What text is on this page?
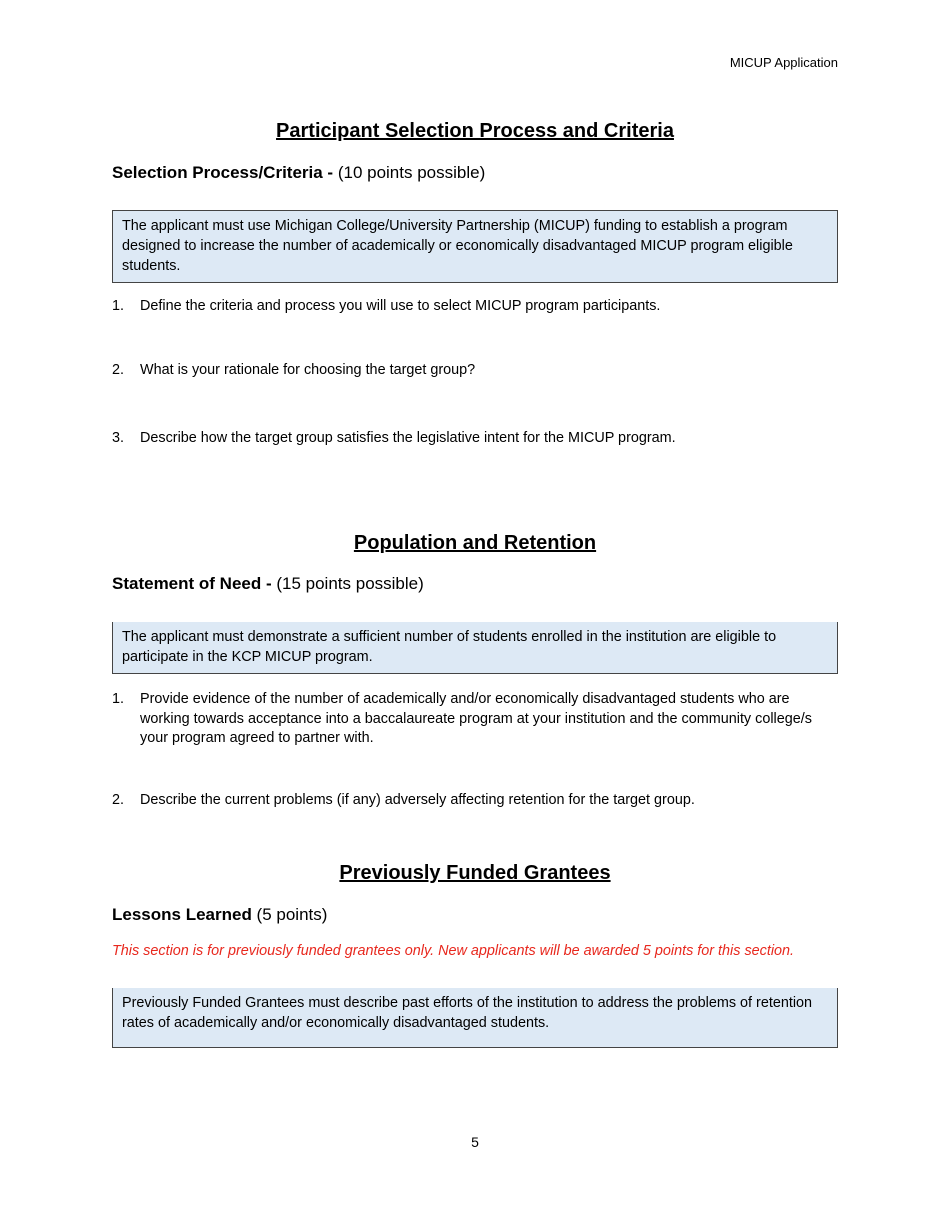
MICUP Application
Participant Selection Process and Criteria
Selection Process/Criteria - (10 points possible)
The applicant must use Michigan College/University Partnership (MICUP) funding to establish a program designed to increase the number of academically or economically disadvantaged MICUP program eligible students.
1. Define the criteria and process you will use to select MICUP program participants.
2. What is your rationale for choosing the target group?
3. Describe how the target group satisfies the legislative intent for the MICUP program.
Population and Retention
Statement of Need - (15 points possible)
The applicant must demonstrate a sufficient number of students enrolled in the institution are eligible to participate in the KCP MICUP program.
1. Provide evidence of the number of academically and/or economically disadvantaged students who are working towards acceptance into a baccalaureate program at your institution and the community college/s your program agreed to partner with.
2. Describe the current problems (if any) adversely affecting retention for the target group.
Previously Funded Grantees
Lessons Learned (5 points)
This section is for previously funded grantees only. New applicants will be awarded 5 points for this section.
Previously Funded Grantees must describe past efforts of the institution to address the problems of retention rates of academically and/or economically disadvantaged students.
5
